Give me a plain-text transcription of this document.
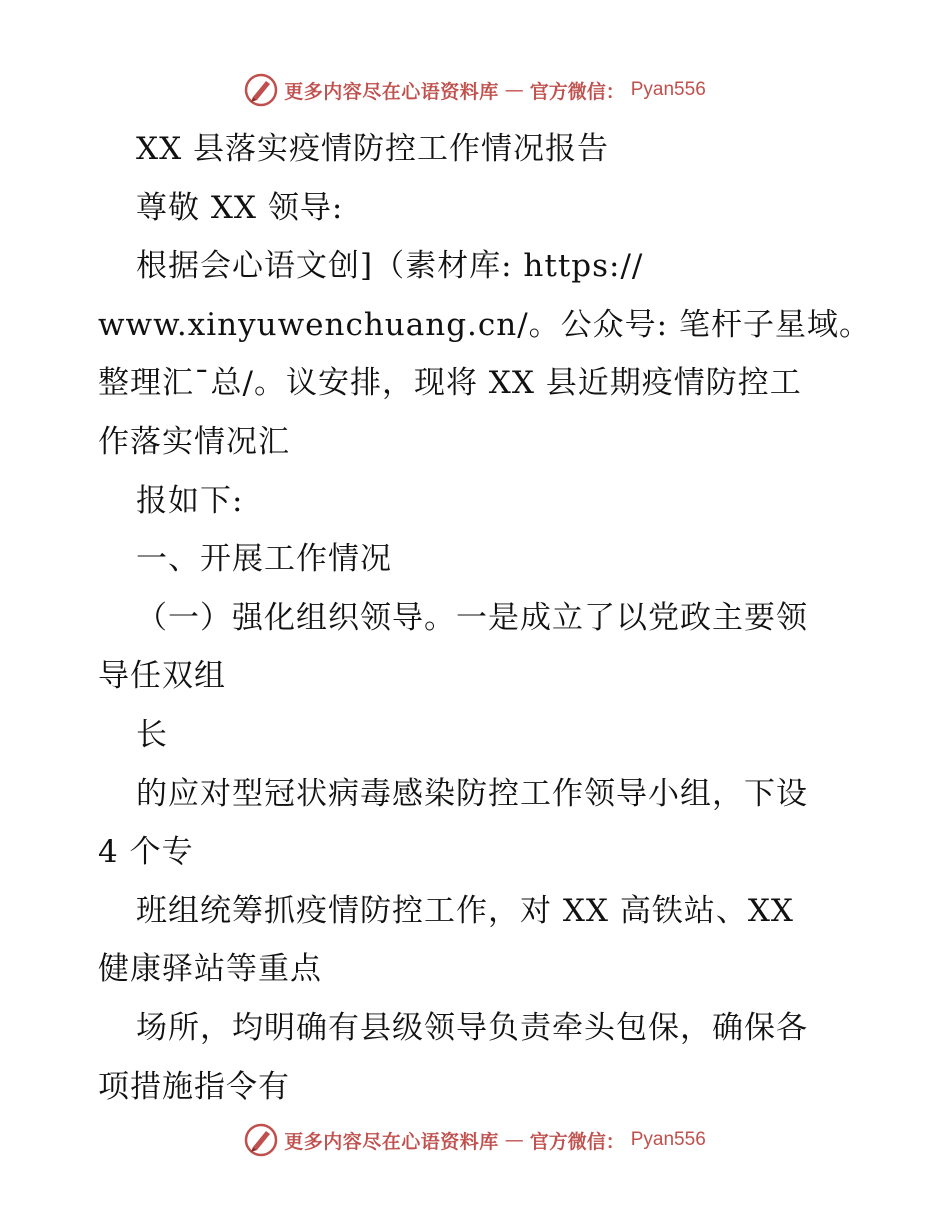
更多内容尽在心语资料库 — 官方微信： Pyan556
XX 县落实疫情防控工作情况报告
尊敬 XX 领导:
根据会心语文创]（素材库: https://
www.xinyuwenchuang.cn/。公众号: 笔杆子星域。
整理汇¯总/。议安排，现将 XX 县近期疫情防控工
作落实情况汇
报如下:
一、开展工作情况
（一）强化组织领导。一是成立了以党政主要领
导任双组
长
的应对型冠状病毒感染防控工作领导小组，下设
4 个专
班组统筹抓疫情防控工作，对 XX 高铁站、XX
健康驿站等重点
场所，均明确有县级领导负责牵头包保，确保各
项措施指令有
更多内容尽在心语资料库 — 官方微信： Pyan556
